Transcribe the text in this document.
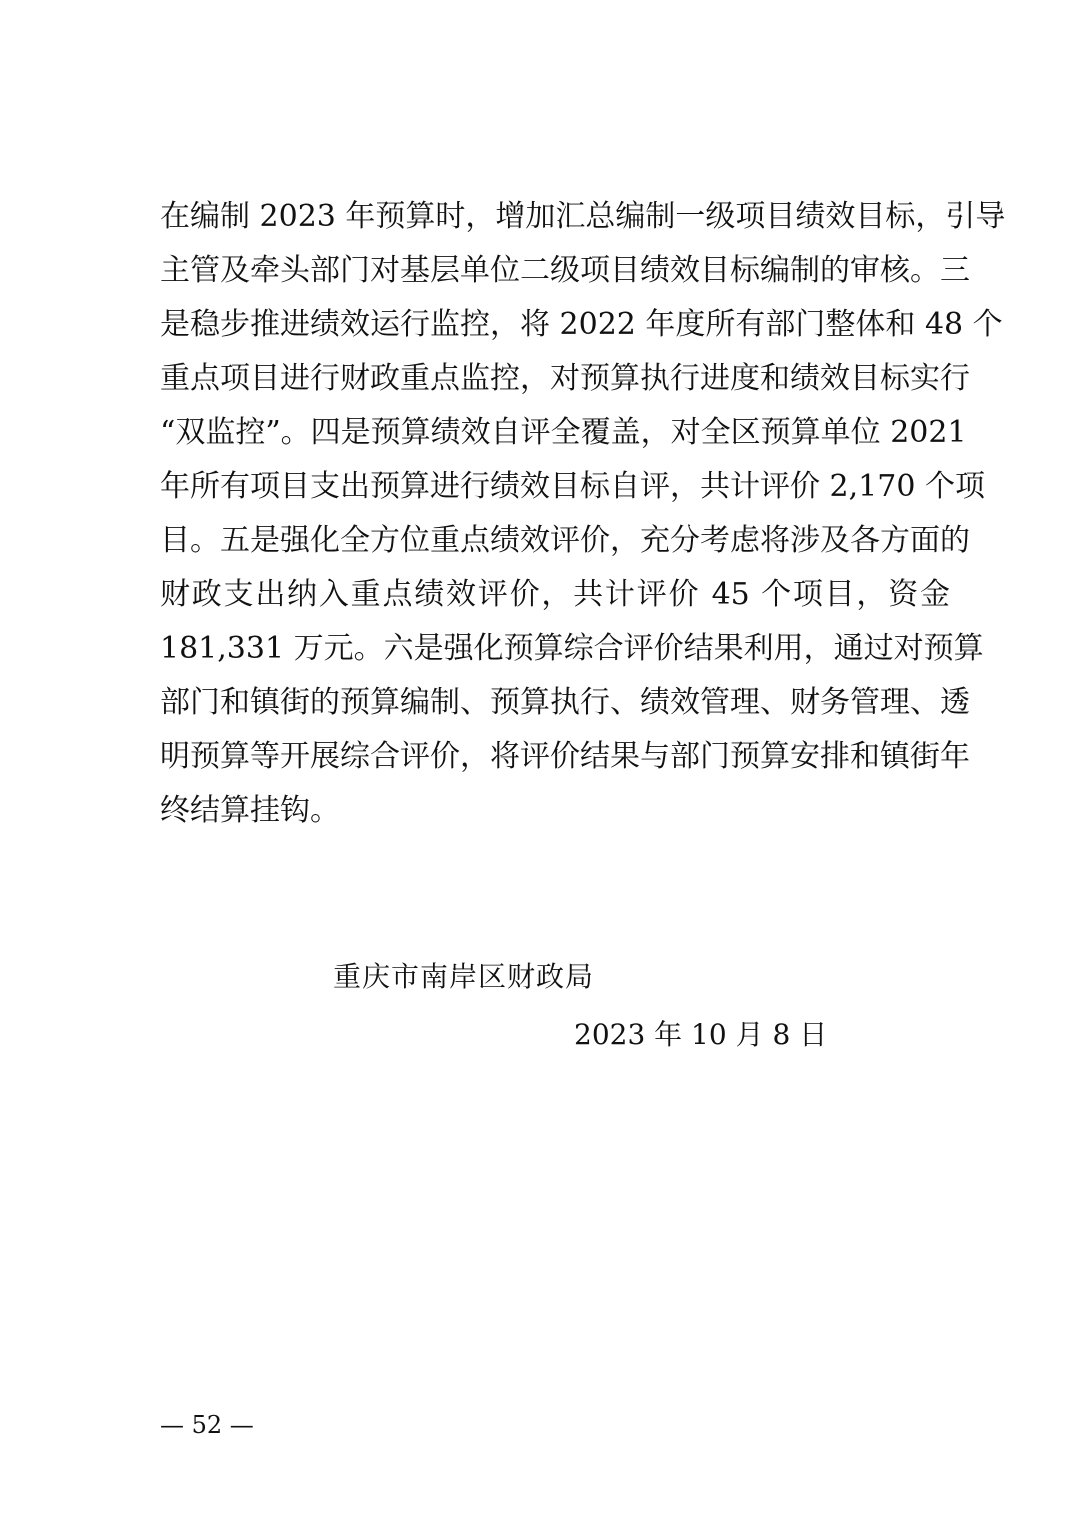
在编制 2023 年预算时，增加汇总编制一级项目绩效目标，引导
主管及牵头部门对基层单位二级项目绩效目标编制的审核。三
是稳步推进绩效运行监控，将 2022 年度所有部门整体和 48 个
重点项目进行财政重点监控，对预算执行进度和绩效目标实行
“双监控”。四是预算绩效自评全覆盖，对全区预算单位 2021
年所有项目支出预算进行绩效目标自评，共计评价 2,170 个项
目。五是强化全方位重点绩效评价，充分考虑将涉及各方面的
财政支出纳入重点绩效评价，共计评价 45 个项目，资金
181,331 万元。六是强化预算综合评价结果利用，通过对预算
部门和镇街的预算编制、预算执行、绩效管理、财务管理、透
明预算等开展综合评价，将评价结果与部门预算安排和镇街年
终结算挂钩。
重庆市南岸区财政局
2023 年 10 月 8 日
— 52 —
